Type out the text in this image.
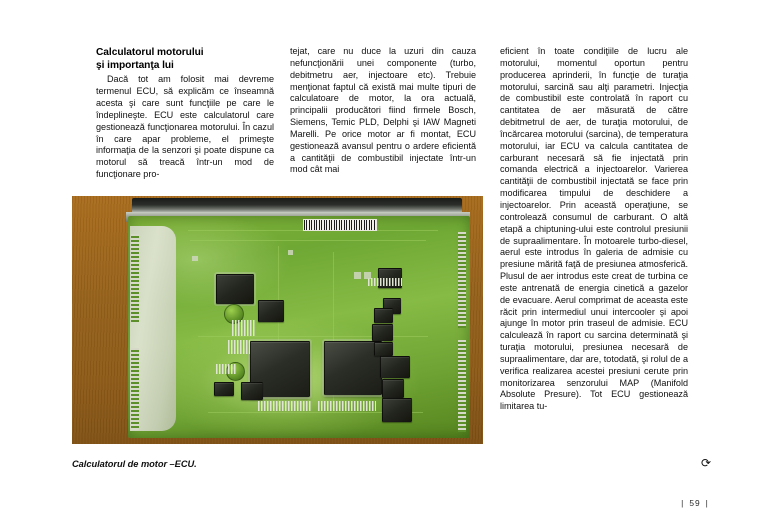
Calculatorul motorului
şi importanţa lui

Dacă tot am folosit mai devreme termenul ECU, să explicăm ce înseamnă acesta şi care sunt funcţiile pe care le îndeplineşte. ECU este calculatorul care gestionează funcţionarea motorului. În cazul în care apar probleme, el primeşte informaţia de la senzori şi poate dispune ca motorul să treacă într-un mod de funcţionare pro-

tejat, care nu duce la uzuri din cauza nefuncţionării unei componente (turbo, debitmetru aer, injectoare etc). Trebuie menţionat faptul că există mai multe tipuri de calculatoare de motor, la ora actuală, principalii producători fiind firmele Bosch, Siemens, Temic PLD, Delphi şi IAW Magneti Marelli. Pe orice motor ar fi montat, ECU gestionează avansul pentru o ardere eficientă a cantităţii de combustibil injectate într-un mod cât mai

eficient în toate condiţiile de lucru ale motorului, momentul oportun pentru producerea aprinderii, în funcţie de turaţia motorului, sarcină sau alţi parametri. Injecţia de combustibil este controlată în raport cu cantitatea de aer măsurată de către debitmetrul de aer, de turaţia motorului, de încărcarea motorului (sarcina), de temperatura motorului, iar ECU va calcula cantitatea de carburant necesară să fie injectată prin comanda electrică a injectoarelor. Varierea cantităţii de combustibil injectată se face prin modificarea timpului de deschidere a injectoarelor. Prin această operaţiune, se controlează consumul de carburant. O altă etapă a chiptuning-ului este controlul presiunii de supraalimentare. În motoarele turbo-diesel, aerul este introdus în galeria de admisie cu presiune mărită faţă de presiunea atmosferică. Plusul de aer introdus este creat de turbina ce este antrenată de energia cinetică a gazelor de evacuare. Aerul comprimat de aceasta este răcit prin intermediul unui intercooler şi apoi ajunge în motor prin traseul de admisie. ECU calculează în raport cu sarcina determinată şi turaţia motorului, presiunea necesară de supraalimentare, dar are, totodată, şi rolul de a verifica realizarea acestei presiuni cerute prin monitorizarea senzorului MAP (Manifold Absolute Presure). Tot ECU gestionează limitarea tu-

Calculatorul de motor –ECU.	⟳
| 59 |
